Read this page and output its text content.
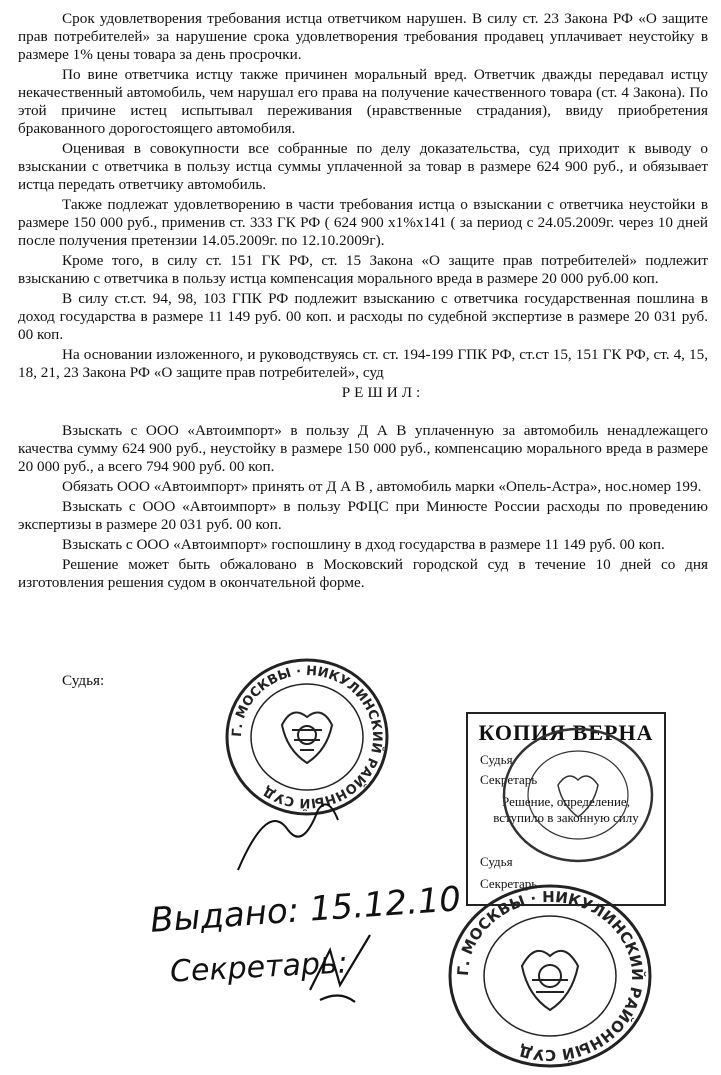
Срок удовлетворения требования истца ответчиком нарушен. В силу ст. 23 Закона РФ «О защите прав потребителей» за нарушение срока удовлетворения требования продавец уплачивает неустойку в размере 1% цены товара за день просрочки.

По вине ответчика истцу также причинен моральный вред. Ответчик дважды передавал истцу некачественный автомобиль, чем нарушал его права на получение качественного товара (ст. 4 Закона). По этой причине истец испытывал переживания (нравственные страдания), ввиду приобретения бракованного дорогостоящего автомобиля.

Оценивая в совокупности все собранные по делу доказательства, суд приходит к выводу о взыскании с ответчика в пользу истца суммы уплаченной за товар в размере 624 900 руб., и обязывает истца передать ответчику автомобиль.

Также подлежат удовлетворению в части требования истца о взыскании с ответчика неустойки в размере 150 000 руб., применив ст. 333 ГК РФ ( 624 900 х1%х141 ( за период с 24.05.2009г. через 10 дней после получения претензии 14.05.2009г. по 12.10.2009г).

Кроме того, в силу ст. 151 ГК РФ, ст. 15 Закона «О защите прав потребителей» подлежит взысканию с ответчика в пользу истца компенсация морального вреда в размере 20 000 руб.00 коп.

В силу ст.ст. 94, 98, 103 ГПК РФ подлежит взысканию с ответчика государственная пошлина в доход государства в размере 11 149 руб. 00 коп. и расходы по судебной экспертизе в размере 20 031 руб. 00 коп.

На основании изложенного, и руководствуясь ст. ст. 194-199 ГПК РФ, ст.ст 15, 151 ГК РФ, ст. 4, 15, 18, 21, 23 Закона РФ «О защите прав потребителей», суд

РЕШИЛ:

Взыскать с ООО «Автоимпорт» в пользу Д А В уплаченную за автомобиль ненадлежащего качества сумму 624 900 руб., неустойку в размере 150 000 руб., компенсацию морального вреда в размере 20 000 руб., а всего 794 900 руб. 00 коп.

Обязать ООО «Автоимпорт» принять от Д А В , автомобиль марки «Опель-Астра», нос.номер 199.

Взыскать с ООО «Автоимпорт» в пользу РФЦС при Минюсте России расходы по проведению экспертизы в размере 20 031 руб. 00 коп.

Взыскать с ООО «Автоимпорт» госпошлину в дход государства в размере 11 149 руб. 00 коп.

Решение может быть обжаловано в Московский городской суд в течение 10 дней со дня изготовления решения судом в окончательной форме.

Судья:
Г. МОСКВЫ · НИКУЛИНСКИЙ РАЙОННЫЙ СУД
КОПИЯ ВЕРНА
Судья
Секретарь
Решение, определение,
вступило в законную силу
Судья
Секретарь
Г. МОСКВЫ · НИКУЛИНСКИЙ РАЙОННЫЙ СУД
Выдано: 15.12.10
Секретарь:
